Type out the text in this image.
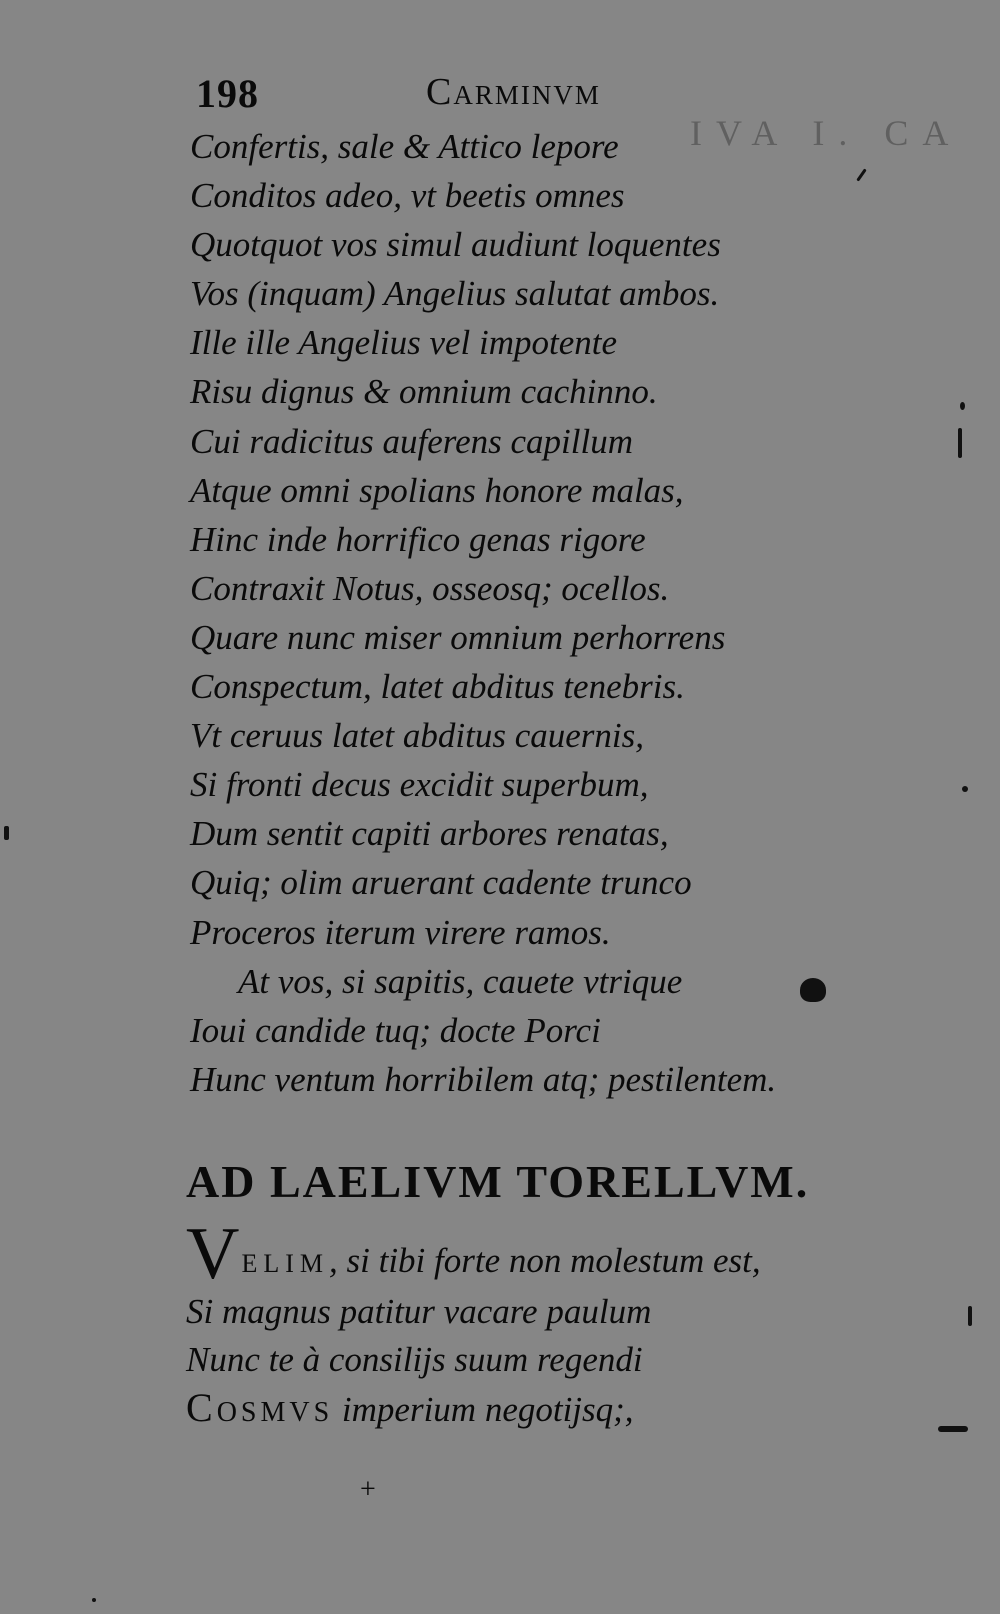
198	Carminvm
IVA I. CA

Confertis, sale & Attico lepore

Conditos adeo, vt beetis omnes

Quotquot vos simul audiunt loquentes

Vos (inquam) Angelius salutat ambos.

Ille ille Angelius vel impotente

Risu dignus & omnium cachinno.

Cui radicitus auferens capillum

Atque omni spolians honore malas,

Hinc inde horrifico genas rigore

Contraxit Notus, osseosq; ocellos.

Quare nunc miser omnium perhorrens

Conspectum, latet abditus tenebris.

Vt ceruus latet abditus cauernis,

Si fronti decus excidit superbum,

Dum sentit capiti arbores renatas,

Quiq; olim aruerant cadente trunco

Proceros iterum virere ramos.

At vos, si sapitis, cauete vtrique

Ioui candide tuq; docte Porci

Hunc ventum horribilem atq; pestilentem.

AD LAELIVM TORELLVM.

VELIM, si tibi forte non molestum est,

Si magnus patitur vacare paulum

Nunc te à consilijs suum regendi

COSMVS imperium negotijsq;,

+
